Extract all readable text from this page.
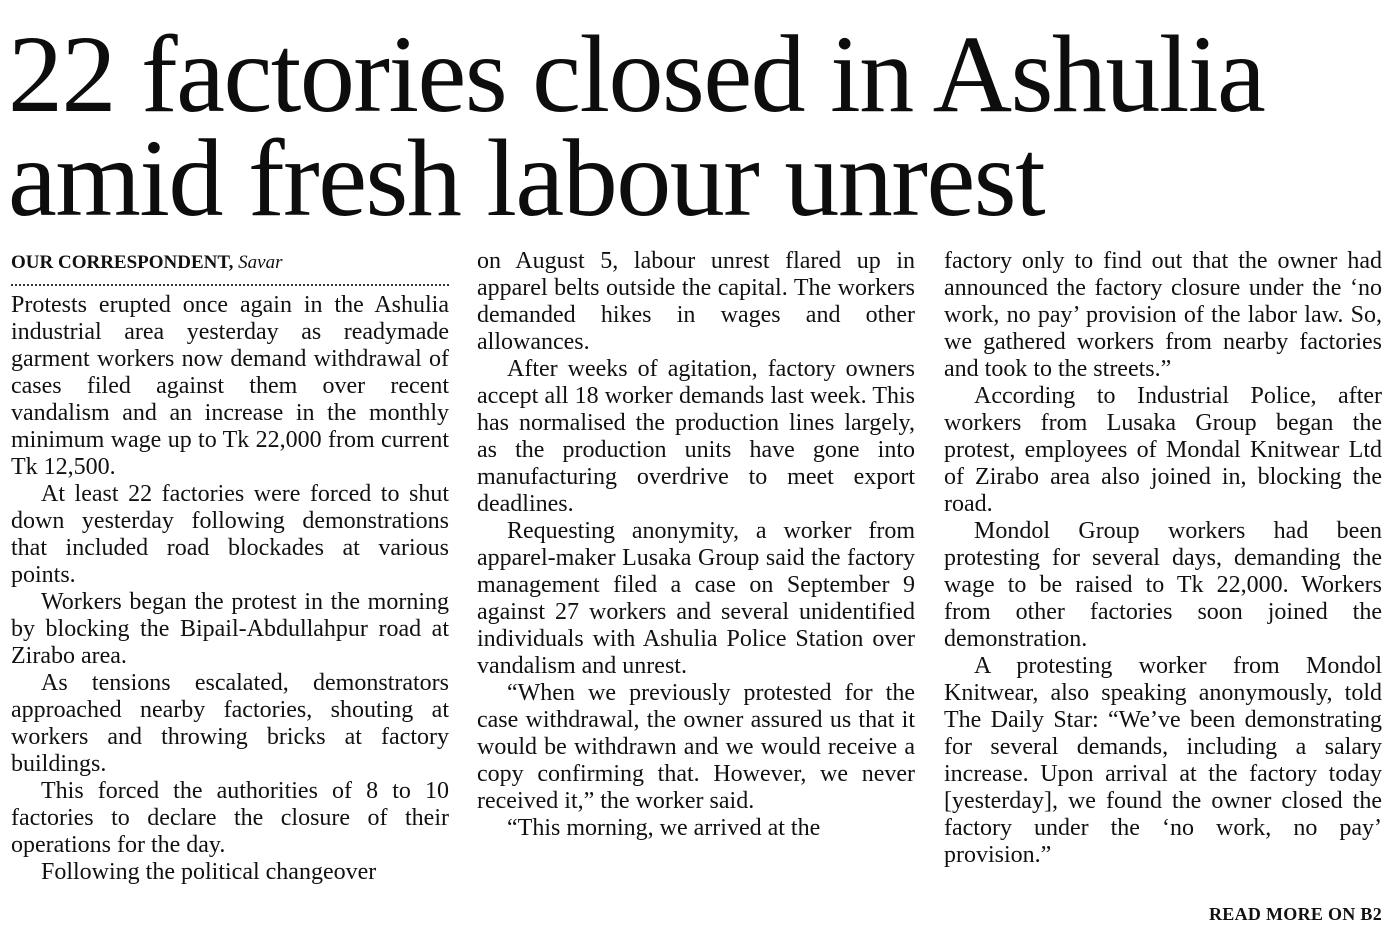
22 factories closed in Ashulia
amid fresh labour unrest
OUR CORRESPONDENT, Savar

Protests erupted once again in the Ashulia industrial area yesterday as readymade garment workers now demand withdrawal of cases filed against them over recent vandalism and an increase in the monthly minimum wage up to Tk 22,000 from current Tk 12,500.

At least 22 factories were forced to shut down yesterday following demonstrations that included road blockades at various points.

Workers began the protest in the morning by blocking the Bipail-Abdullahpur road at Zirabo area.

As tensions escalated, demonstrators approached nearby factories, shouting at workers and throwing bricks at factory buildings.

This forced the authorities of 8 to 10 factories to declare the closure of their operations for the day.

Following the political changeover

on August 5, labour unrest flared up in apparel belts outside the capital. The workers demanded hikes in wages and other allowances.

After weeks of agitation, factory owners accept all 18 worker demands last week. This has normalised the production lines largely, as the production units have gone into manufacturing overdrive to meet export deadlines.

Requesting anonymity, a worker from apparel-maker Lusaka Group said the factory management filed a case on September 9 against 27 workers and several unidentified individuals with Ashulia Police Station over vandalism and unrest.

“When we previously protested for the case withdrawal, the owner assured us that it would be withdrawn and we would receive a copy confirming that. However, we never received it,” the worker said.

“This morning, we arrived at the

factory only to find out that the owner had announced the factory closure under the ‘no work, no pay’ provision of the labor law. So, we gathered workers from nearby factories and took to the streets.”

According to Industrial Police, after workers from Lusaka Group began the protest, employees of Mondal Knitwear Ltd of Zirabo area also joined in, blocking the road.

Mondol Group workers had been protesting for several days, demanding the wage to be raised to Tk 22,000. Workers from other factories soon joined the demonstration.

A protesting worker from Mondol Knitwear, also speaking anonymously, told The Daily Star: “We’ve been demonstrating for several demands, including a salary increase. Upon arrival at the factory today [yesterday], we found the owner closed the factory under the ‘no work, no pay’ provision.”

READ MORE ON B2
